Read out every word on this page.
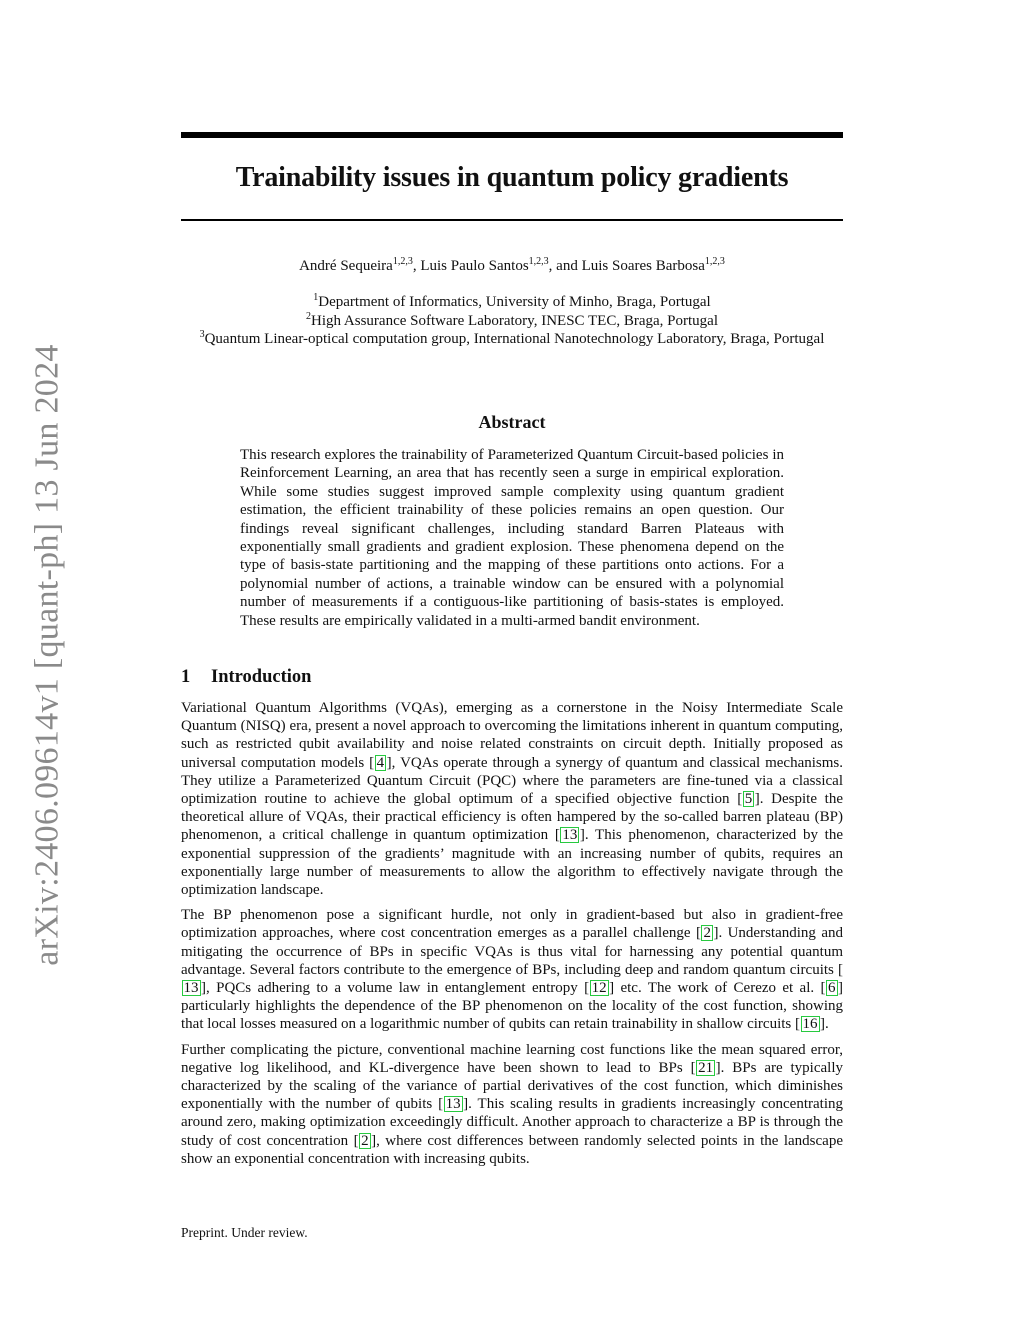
arXiv:2406.09614v1 [quant-ph] 13 Jun 2024
Trainability issues in quantum policy gradients
André Sequeira$^{1,2,3}$, Luis Paulo Santos$^{1,2,3}$, and Luis Soares Barbosa$^{1,2,3}$
$^1$Department of Informatics, University of Minho, Braga, Portugal
$^2$High Assurance Software Laboratory, INESC TEC, Braga, Portugal
$^3$Quantum Linear-optical computation group, International Nanotechnology Laboratory, Braga, Portugal
Abstract

This research explores the trainability of Parameterized Quantum Circuit-based policies in Reinforcement Learning, an area that has recently seen a surge in empirical exploration. While some studies suggest improved sample complexity using quantum gradient estimation, the efficient trainability of these policies remains an open question. Our findings reveal significant challenges, including standard Barren Plateaus with exponentially small gradients and gradient explosion. These phenomena depend on the type of basis-state partitioning and the mapping of these partitions onto actions. For a polynomial number of actions, a trainable window can be ensured with a polynomial number of measurements if a contiguous-like partitioning of basis-states is employed. These results are empirically validated in a multi-armed bandit environment.

1 Introduction

Variational Quantum Algorithms (VQAs), emerging as a cornerstone in the Noisy Intermediate Scale Quantum (NISQ) era, present a novel approach to overcoming the limitations inherent in quantum computing, such as restricted qubit availability and noise related constraints on circuit depth. Initially proposed as universal computation models [ 4 ], VQAs operate through a synergy of quantum and classical mechanisms. They utilize a Parameterized Quantum Circuit (PQC) where the parameters are fine-tuned via a classical optimization routine to achieve the global optimum of a specified objective function [ 5 ]. Despite the theoretical allure of VQAs, their practical efficiency is often hampered by the so-called barren plateau (BP) phenomenon, a critical challenge in quantum optimization [ 13 ]. This phenomenon, characterized by the exponential suppression of the gradients’ magnitude with an increasing number of qubits, requires an exponentially large number of measurements to allow the algorithm to effectively navigate through the optimization landscape.

The BP phenomenon pose a significant hurdle, not only in gradient-based but also in gradient-free optimization approaches, where cost concentration emerges as a parallel challenge [ 2 ]. Understanding and mitigating the occurrence of BPs in specific VQAs is thus vital for harnessing any potential quantum advantage. Several factors contribute to the emergence of BPs, including deep and random quantum circuits [13 ], PQCs adhering to a volume law in entanglement entropy [ 12 ] etc. The work of Cerezo et al. [ 6 ] particularly highlights the dependence of the BP phenomenon on the locality of the cost function, showing that local losses measured on a logarithmic number of qubits can retain trainability in shallow circuits [ 16 ].

Further complicating the picture, conventional machine learning cost functions like the mean squared error, negative log likelihood, and KL-divergence have been shown to lead to BPs [ 21 ]. BPs are typically characterized by the scaling of the variance of partial derivatives of the cost function, which diminishes exponentially with the number of qubits [ 13 ]. This scaling results in gradients increasingly concentrating around zero, making optimization exceedingly difficult. Another approach to characterize a BP is through the study of cost concentration [ 2 ], where cost differences between randomly selected points in the landscape show an exponential concentration with increasing qubits.

Preprint. Under review.
